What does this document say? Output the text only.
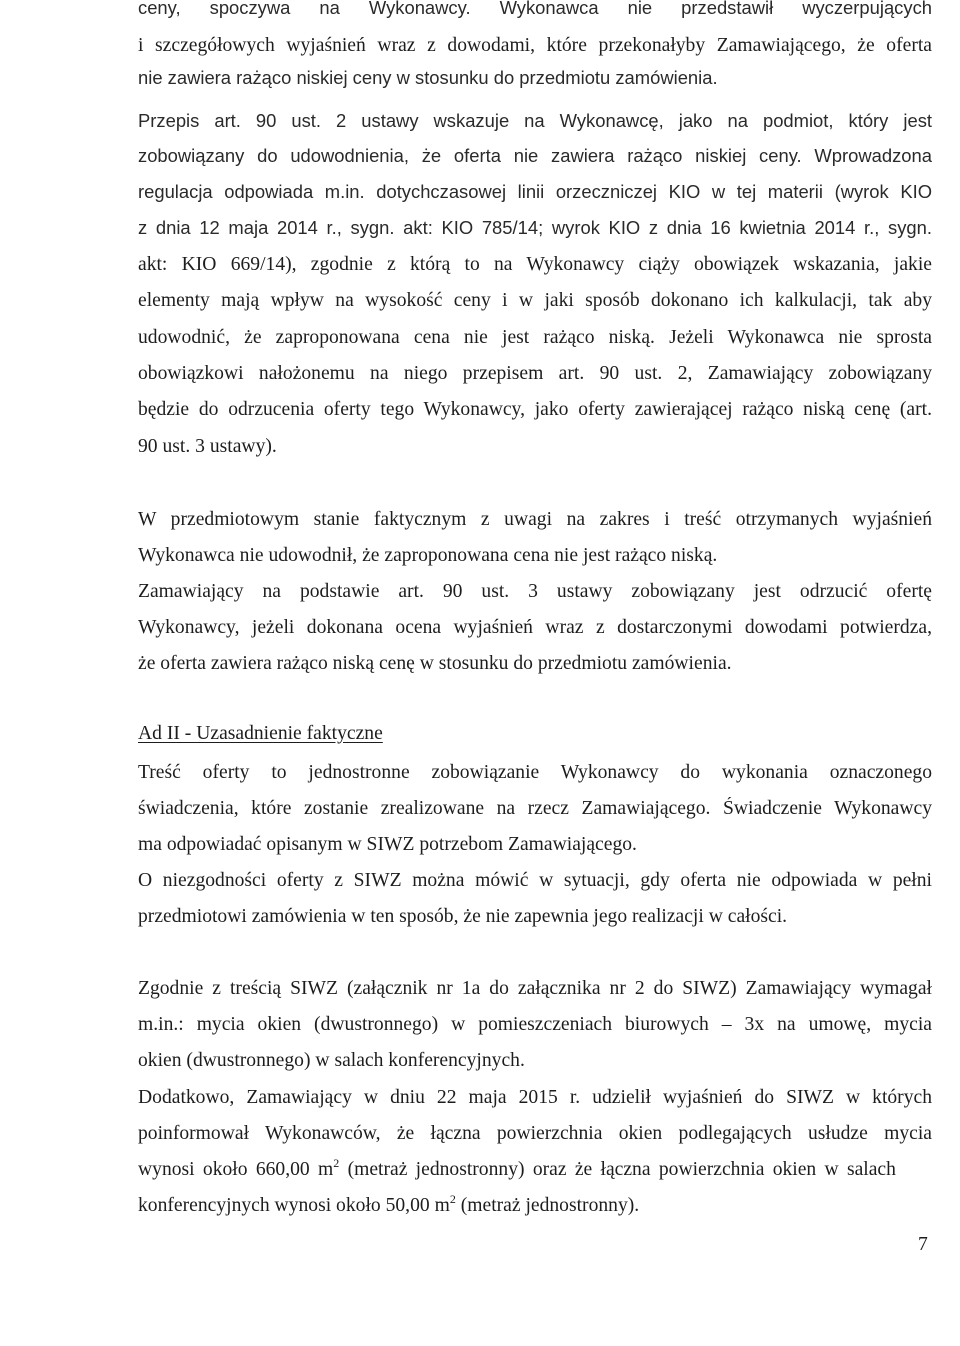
ceny, spoczywa na Wykonawcy. Wykonawca nie przedstawił wyczerpujących
i szczegółowych wyjaśnień wraz z dowodami, które przekonałyby Zamawiającego, że oferta
nie zawiera rażąco niskiej ceny w stosunku do przedmiotu zamówienia.
Przepis art. 90 ust. 2 ustawy wskazuje na Wykonawcę, jako na podmiot, który jest
zobowiązany do udowodnienia, że oferta nie zawiera rażąco niskiej ceny. Wprowadzona
regulacja odpowiada m.in. dotychczasowej linii orzeczniczej KIO w tej materii (wyrok KIO
z dnia 12 maja 2014 r., sygn. akt: KIO 785/14; wyrok KIO z dnia 16 kwietnia 2014 r., sygn.
akt: KIO 669/14), zgodnie z którą to na Wykonawcy ciąży obowiązek wskazania, jakie
elementy mają wpływ na wysokość ceny i w jaki sposób dokonano ich kalkulacji, tak aby
udowodnić, że zaproponowana cena nie jest rażąco niską. Jeżeli Wykonawca nie sprosta
obowiązkowi nałożonemu na niego przepisem art. 90 ust. 2, Zamawiający zobowiązany
będzie do odrzucenia oferty tego Wykonawcy, jako oferty zawierającej rażąco niską cenę (art.
90 ust. 3 ustawy).
W przedmiotowym stanie faktycznym z uwagi na zakres i treść otrzymanych wyjaśnień
Wykonawca nie udowodnił, że zaproponowana cena nie jest rażąco niską.
Zamawiający na podstawie art. 90 ust. 3 ustawy zobowiązany jest odrzucić ofertę
Wykonawcy, jeżeli dokonana ocena wyjaśnień wraz z dostarczonymi dowodami potwierdza,
że oferta zawiera rażąco niską cenę w stosunku do przedmiotu zamówienia.
Ad II - Uzasadnienie faktyczne
Treść oferty to jednostronne zobowiązanie Wykonawcy do wykonania oznaczonego
świadczenia, które zostanie zrealizowane na rzecz Zamawiającego. Świadczenie Wykonawcy
ma odpowiadać opisanym w SIWZ potrzebom Zamawiającego.
O niezgodności oferty z SIWZ można mówić w sytuacji, gdy oferta nie odpowiada w pełni
przedmiotowi zamówienia w ten sposób, że nie zapewnia jego realizacji w całości.
Zgodnie z treścią SIWZ (załącznik nr 1a do załącznika nr 2 do SIWZ) Zamawiający wymagał
m.in.: mycia okien (dwustronnego) w pomieszczeniach biurowych – 3x na umowę, mycia
okien (dwustronnego) w salach konferencyjnych.
Dodatkowo, Zamawiający w dniu 22 maja 2015 r. udzielił wyjaśnień do SIWZ w których
poinformował Wykonawców, że łączna powierzchnia okien podlegających usłudze mycia
wynosi około 660,00 $m^2$ (metraż jednostronny) oraz że łączna powierzchnia okien w salach
konferencyjnych wynosi około 50,00 $m^2$ (metraż jednostronny).
7
